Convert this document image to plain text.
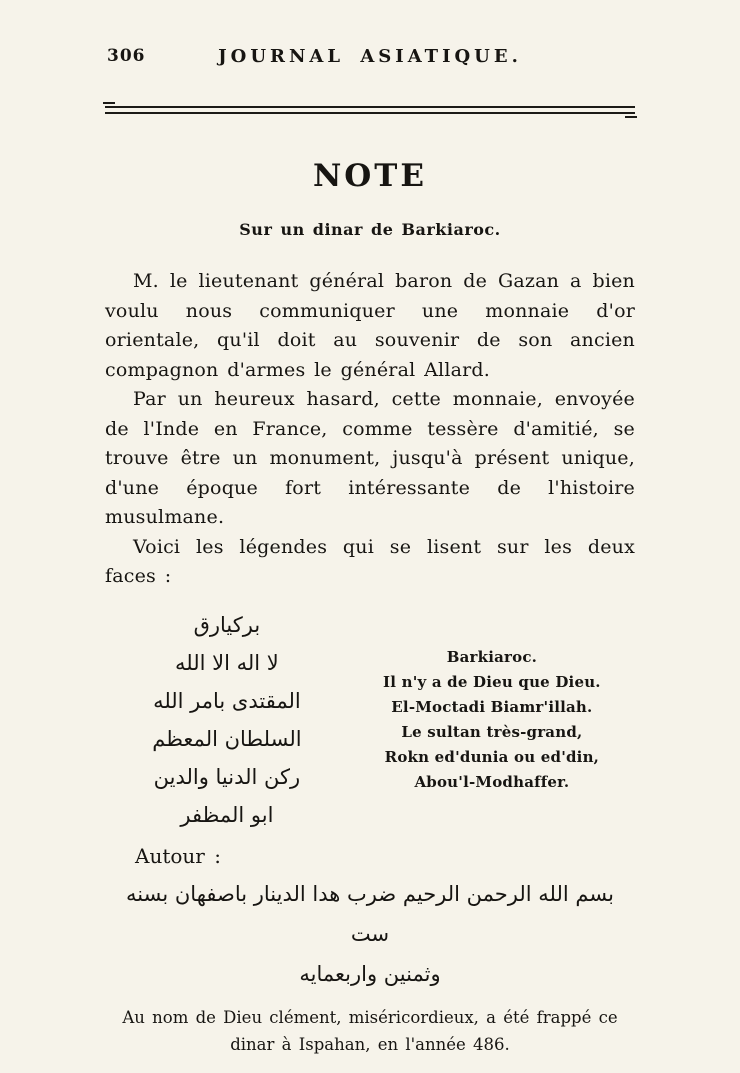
306	JOURNAL ASIATIQUE.
NOTE
Sur un dinar de Barkiaroc.

M. le lieutenant général baron de Gazan a bien voulu nous communiquer une monnaie d'or orientale, qu'il doit au souvenir de son ancien compagnon d'armes le général Allard.

Par un heureux hasard, cette monnaie, envoyée de l'Inde en France, comme tessère d'amitié, se trouve être un monument, jusqu'à présent unique, d'une époque fort intéressante de l'histoire musulmane.

Voici les légendes qui se lisent sur les deux faces :

بركيارق
لا اله الا الله
المقتدى بامر الله
السلطان المعظم
ركن الدنيا والدين
ابو المظفر
Barkiaroc.
Il n'y a de Dieu que Dieu.
El-Moctadi Biamr'illah.
Le sultan très-grand,
Rokn ed'dunia ou ed'din,
Abou'l-Modhaffer.

Autour :

بسم الله الرحمن الرحيم ضرب هدا الدينار باصفهان بسنه ست
وثمنين واربعمايه

Au nom de Dieu clément, miséricordieux, a été frappé ce dinar à Ispahan, en l'année 486.
